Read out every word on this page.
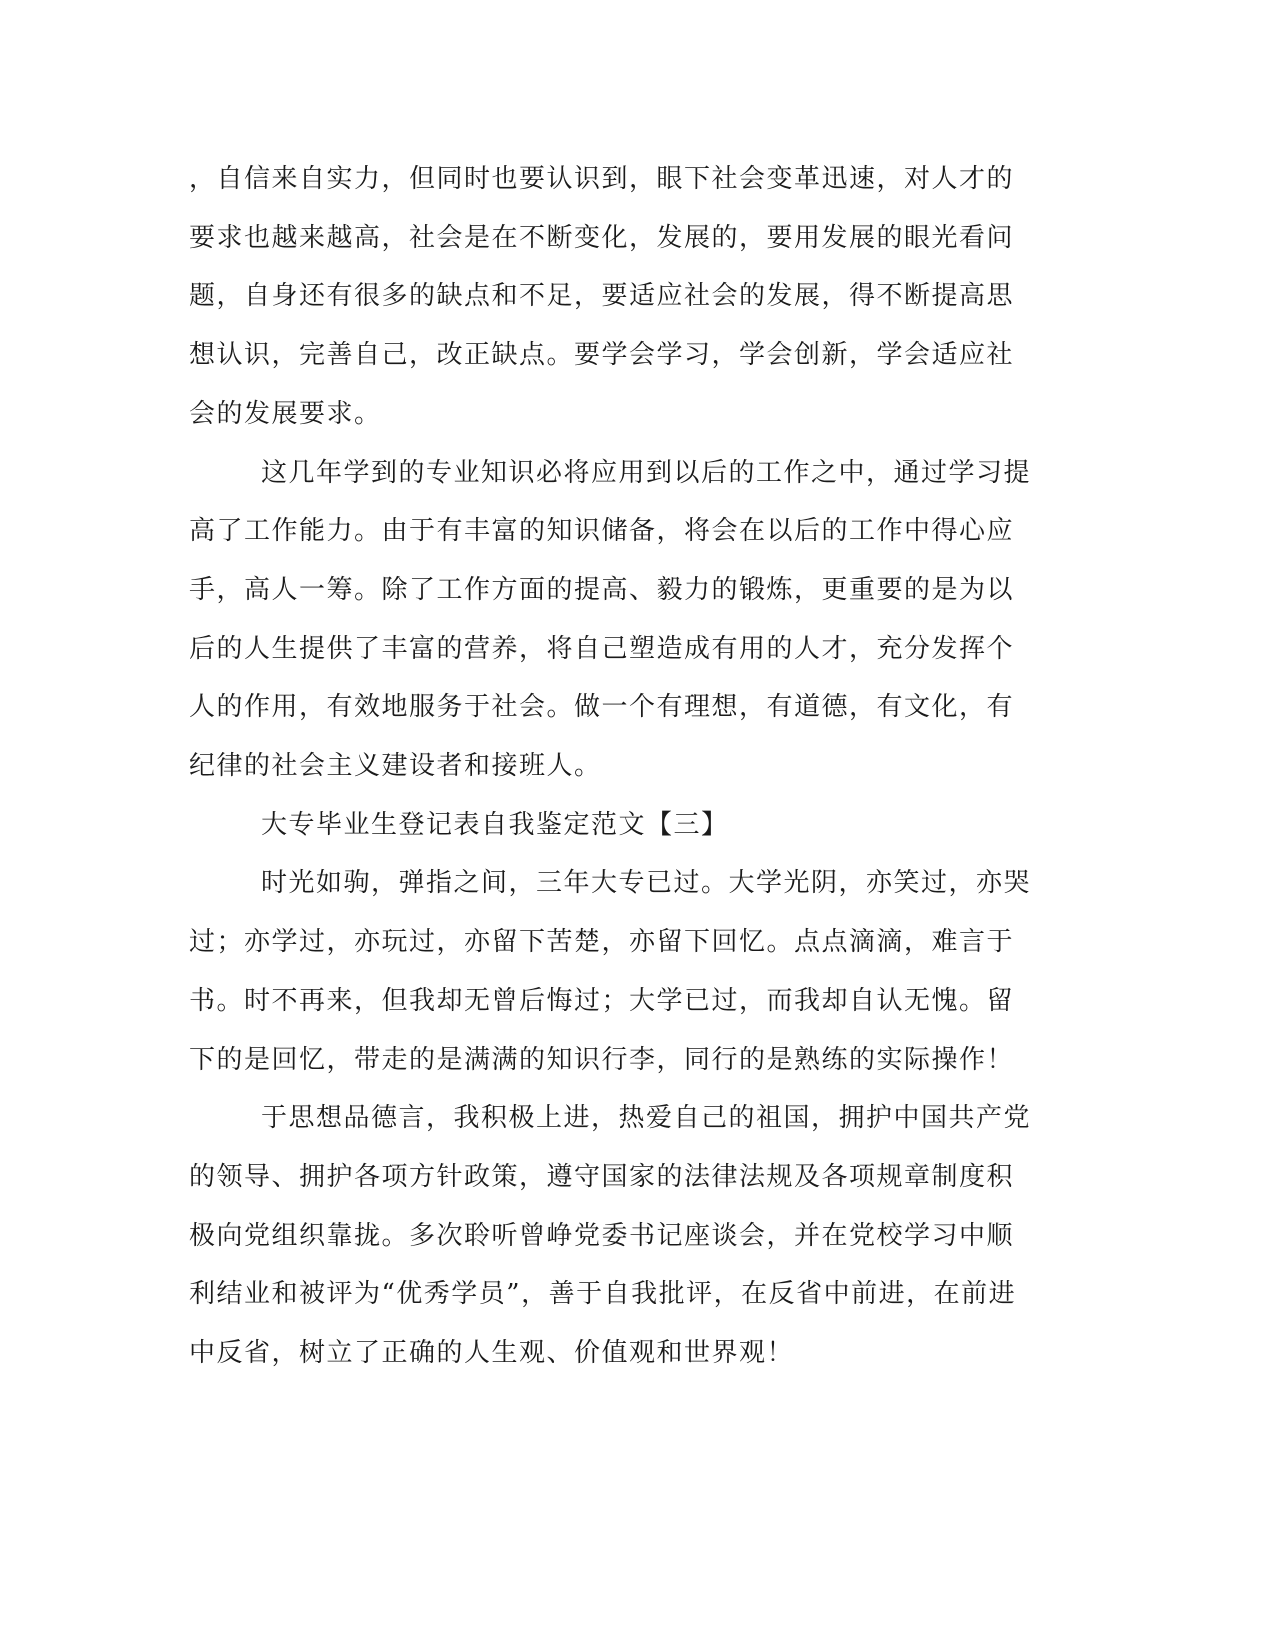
，自信来自实力，但同时也要认识到，眼下社会变革迅速，对人才的
要求也越来越高，社会是在不断变化，发展的，要用发展的眼光看问
题，自身还有很多的缺点和不足，要适应社会的发展，得不断提高思
想认识，完善自己，改正缺点。要学会学习，学会创新，学会适应社
会的发展要求。
这几年学到的专业知识必将应用到以后的工作之中，通过学习提
高了工作能力。由于有丰富的知识储备，将会在以后的工作中得心应
手，高人一筹。除了工作方面的提高、毅力的锻炼，更重要的是为以
后的人生提供了丰富的营养，将自己塑造成有用的人才，充分发挥个
人的作用，有效地服务于社会。做一个有理想，有道德，有文化，有
纪律的社会主义建设者和接班人。
大专毕业生登记表自我鉴定范文【三】
时光如驹，弹指之间，三年大专已过。大学光阴，亦笑过，亦哭
过；亦学过，亦玩过，亦留下苦楚，亦留下回忆。点点滴滴，难言于
书。时不再来，但我却无曾后悔过；大学已过，而我却自认无愧。留
下的是回忆，带走的是满满的知识行李，同行的是熟练的实际操作！
于思想品德言，我积极上进，热爱自己的祖国，拥护中国共产党
的领导、拥护各项方针政策，遵守国家的法律法规及各项规章制度积
极向党组织靠拢。多次聆听曾峥党委书记座谈会，并在党校学习中顺
利结业和被评为“优秀学员”，善于自我批评，在反省中前进，在前进
中反省，树立了正确的人生观、价值观和世界观！
